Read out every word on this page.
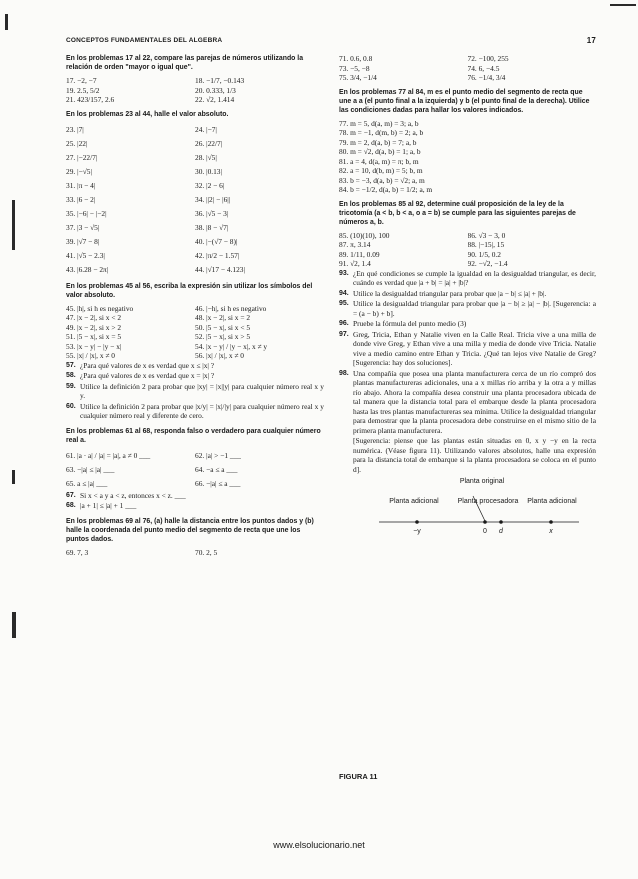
CONCEPTOS FUNDAMENTALES DEL ALGEBRA	17
En los problemas 17 al 22, compare las parejas de números utilizando la relación de orden "mayor o igual que".
17. −2, −7	18. −1/7, −0.143
19. 2.5, 5/2	20. 0.333, 1/3
21. 423/157, 2.6	22. √2, 1.414
En los problemas 23 al 44, halle el valor absoluto.
23. |7|	24. |−7|
25. |22|	26. |22/7|
27. |−22/7|	28. |√5|
29. |−√5|	30. |0.13|
31. |π − 4|	32. |2 − 6|
33. |6 − 2|	34. ||2| − |6||
35. |−6| − |−2|	36. |√5 − 3|
37. |3 − √5|	38. |8 − √7|
39. |√7 − 8|	40. |−(√7 − 8)|
41. |√5 − 2.3|	42. |π/2 − 1.57|
43. |6.28 − 2π|	44. |√17 − 4.123|
En los problemas 45 al 56, escriba la expresión sin utilizar los símbolos del valor absoluto.
45. |h|, si h es negativo	46. |−h|, si h es negativo
47. |x − 2|, si x < 2	48. |x − 2|, si x = 2
49. |x − 2|, si x > 2	50. |5 − x|, si x < 5
51. |5 − x|, si x = 5	52. |5 − x|, si x > 5
53. |x − y| − |y − x|	54. |x − y| / |y − x|, x ≠ y
55. |x| / |x|, x ≠ 0	56. |x| / |x|, x ≠ 0
57. ¿Para qué valores de x es verdad que x ≤ |x| ?
58. ¿Para qué valores de x es verdad que x = |x| ?
59. Utilice la definición 2 para probar que |xy| = |x||y| para cualquier número real x y y.
60. Utilice la definición 2 para probar que |x/y| = |x|/|y| para cualquier número real x y cualquier número real y diferente de cero.
En los problemas 61 al 68, responda falso o verdadero para cualquier número real a.
61. |a · a| / |a| = |a|, a ≠ 0 ___	62. |a| > −1 ___
63. −|a| ≤ |a| ___	64. −a ≤ a ___
65. a ≤ |a| ___	66. −|a| ≤ a ___
67. Si x < a y a < z, entonces x < z. ___
68. |a + 1| ≤ |a| + 1 ___
En los problemas 69 al 76, (a) halle la distancia entre los puntos dados y (b) halle la coordenada del punto medio del segmento de recta que une los puntos dados.
69. 7, 3	70. 2, 5
71. 0.6, 0.8	72. −100, 255
73. −5, −8	74. 6, −4.5
75. 3/4, −1/4	76. −1/4, 3/4
En los problemas 77 al 84, m es el punto medio del segmento de recta que une a a (el punto final a la izquierda) y b (el punto final de la derecha). Utilice las condiciones dadas para hallar los valores indicados.
77. m = 5, d(a, m) = 3; a, b
78. m = −1, d(m, b) = 2; a, b
79. m = 2, d(a, b) = 7; a, b
80. m = √2, d(a, b) = 1; a, b
81. a = 4, d(a, m) = π; b, m
82. a = 10, d(b, m) = 5; b, m
83. b = −3, d(a, b) = √2; a, m
84. b = −1/2, d(a, b) = 1/2; a, m
En los problemas 85 al 92, determine cuál proposición de la ley de la tricotomía (a < b, b < a, o a = b) se cumple para las siguientes parejas de números a, b.
85. (10)(10), 100	86. √3 − 3, 0
87. π, 3.14	88. |−15|, 15
89. 1/11, 0.09	90. 1/5, 0.2
91. √2, 1.4	92. −√2, −1.4
93. ¿En qué condiciones se cumple la igualdad en la desigualdad triangular, es decir, cuándo es verdad que |a + b| = |a| + |b|?
94. Utilice la desigualdad triangular para probar que |a − b| ≤ |a| + |b|.
95. Utilice la desigualdad triangular para probar que |a − b| ≥ |a| − |b|. [Sugerencia: a = (a − b) + b].
96. Pruebe la fórmula del punto medio (3)
97. Greg, Tricia, Ethan y Natalie viven en la Calle Real. Tricia vive a una milla de donde vive Greg, y Ethan vive a una milla y media de donde vive Tricia. Natalie vive a medio camino entre Ethan y Tricia. ¿Qué tan lejos vive Natalie de Greg? [Sugerencia: hay dos soluciones].
98. Una compañía que posea una planta manufacturera cerca de un río compró dos plantas manufactureras adicionales, una a x millas río arriba y la otra a y millas río abajo. Ahora la compañía desea construir una planta procesadora ubicada de tal manera que la distancia total para el embarque desde la planta procesadora hasta las tres plantas manufactureras sea mínima. Utilice la desigualdad triangular para demostrar que la planta procesadora debe construirse en el mismo sitio de la primera planta manufacturera.
[Sugerencia: piense que las plantas están situadas en 0, x y −y en la recta numérica. (Véase figura 11). Utilizando valores absolutos, halle una expresión para la distancia total de embarque si la planta procesadora se coloca en el punto d].
Planta original
Planta adicional	Planta procesadora	Planta adicional
−y	0	d	x
FIGURA 11
www.elsolucionario.net
